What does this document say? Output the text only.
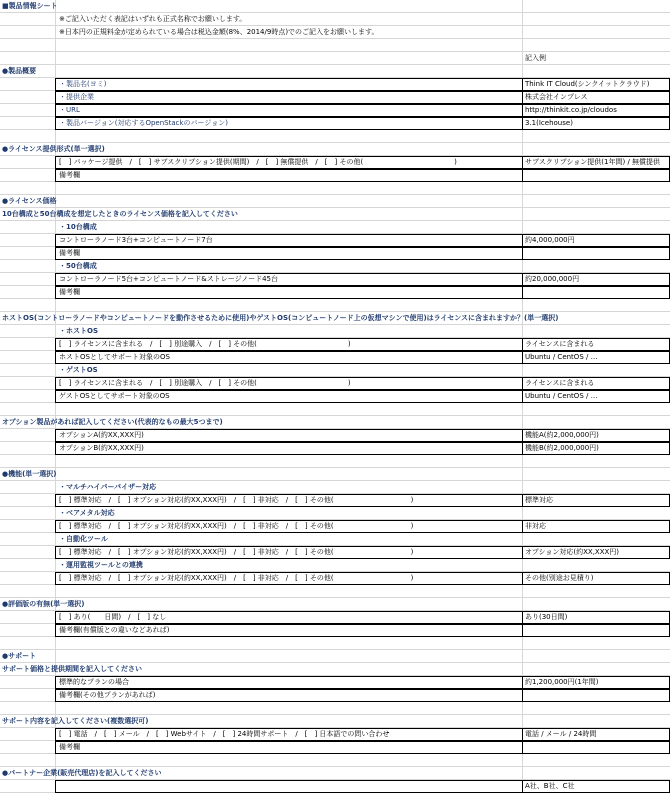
■製品情報シート
※ご記入いただく表記はいずれも正式名称でお願いします。
※日本円の正規料金が定められている場合は税込金額(8%、2014/9時点)でのご記入をお願いします。
記入例
●製品概要
・製品名(ヨミ)	Think IT Cloud(シンクイットクラウド)
・提供企業	株式会社インプレス
・URL	http://thinkit.co.jp/cloudos
・製品バージョン(対応するOpenStackのバージョン)	3.1(Icehouse)
●ライセンス提供形式(単一選択)
[　] パッケージ提供　/　[　] サブスクリプション提供(期間)　/　[　] 無償提供　/　[　] その他(　　　　　　　　　　　　　)	サブスクリプション提供(1年間) / 無償提供
備考欄
●ライセンス価格
10台構成と50台構成を想定したときのライセンス価格を記入してください
・10台構成
コントローラノード3台+コンピュートノード7台	約4,000,000円
備考欄
・50台構成
コントローラノード5台+コンピュートノード&ストレージノード45台	約20,000,000円
備考欄
ホストOS(コントローラノードやコンピュートノードを動作させるために使用)やゲストOS(コンピュートノード上の仮想マシンで使用)はライセンスに含まれますか？(単一選択)
・ホストOS
[　] ライセンスに含まれる　/　[　] 別途購入　/　[　] その他(　　　　　　　　　　　　　)	ライセンスに含まれる
ホストOSとしてサポート対象のOS	Ubuntu / CentOS / …
・ゲストOS
[　] ライセンスに含まれる　/　[　] 別途購入　/　[　] その他(　　　　　　　　　　　　　)	ライセンスに含まれる
ゲストOSとしてサポート対象のOS	Ubuntu / CentOS / …
オプション製品があれば記入してください(代表的なもの最大5つまで)
オプションA(約XX,XXX円)	機能A(約2,000,000円)
オプションB(約XX,XXX円)	機能B(約2,000,000円)
●機能(単一選択)
・マルチハイパーバイザー対応
[　] 標準対応　/　[　] オプション対応(約XX,XXX円)　/　[　] 非対応　/　[　] その他(　　　　　　　　　　　)	標準対応
・ベアメタル対応
[　] 標準対応　/　[　] オプション対応(約XX,XXX円)　/　[　] 非対応　/　[　] その他(　　　　　　　　　　　)	非対応
・自動化ツール
[　] 標準対応　/　[　] オプション対応(約XX,XXX円)　/　[　] 非対応　/　[　] その他(　　　　　　　　　　　)	オプション対応(約XX,XXX円)
・運用監視ツールとの連携
[　] 標準対応　/　[　] オプション対応(約XX,XXX円)　/　[　] 非対応　/　[　] その他(　　　　　　　　　　　)	その他(別途お見積り)
●評価版の有無(単一選択)
[　] あり(　　日間)　/　[　] なし	あり(30日間)
備考欄(有償版との違いなどあれば)
●サポート
サポート価格と提供期間を記入してください
標準的なプランの場合	約1,200,000円(1年間)
備考欄(その他プランがあれば)
サポート内容を記入してください(複数選択可)
[　] 電話　/　[　] メール　/　[　] Webサイト　/　[　] 24時間サポート　/　[　] 日本語での問い合わせ	電話 / メール / 24時間
備考欄
●パートナー企業(販売代理店)を記入してください
A社、B社、C社
